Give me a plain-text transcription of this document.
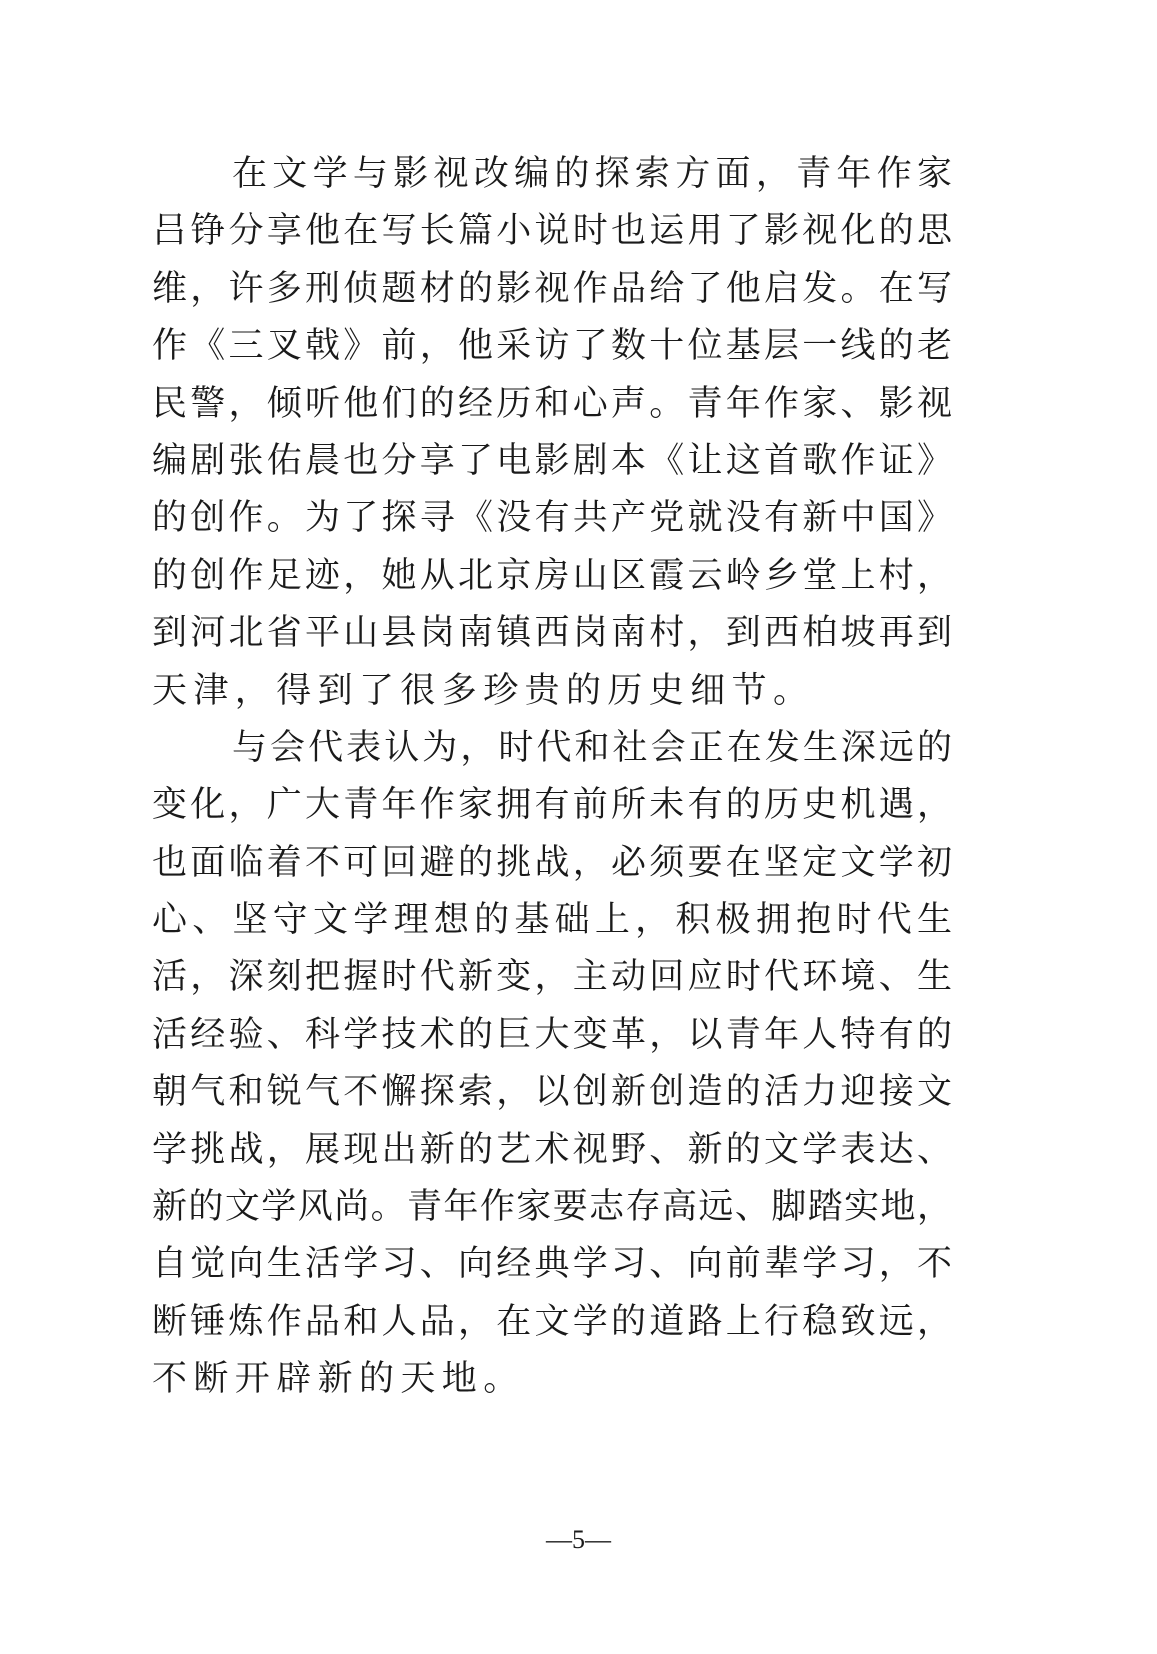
在文学与影视改编的探索方面，青年作家
吕铮分享他在写长篇小说时也运用了影视化的思
维，许多刑侦题材的影视作品给了他启发。在写
作《三叉戟》前，他采访了数十位基层一线的老
民警，倾听他们的经历和心声。青年作家、影视
编剧张佑晨也分享了电影剧本《让这首歌作证》
的创作。为了探寻《没有共产党就没有新中国》
的创作足迹，她从北京房山区霞云岭乡堂上村，
到河北省平山县岗南镇西岗南村，到西柏坡再到
天津，得到了很多珍贵的历史细节。
与会代表认为，时代和社会正在发生深远的
变化，广大青年作家拥有前所未有的历史机遇，
也面临着不可回避的挑战，必须要在坚定文学初
心、坚守文学理想的基础上，积极拥抱时代生
活，深刻把握时代新变，主动回应时代环境、生
活经验、科学技术的巨大变革，以青年人特有的
朝气和锐气不懈探索，以创新创造的活力迎接文
学挑战，展现出新的艺术视野、新的文学表达、
新的文学风尚。青年作家要志存高远、脚踏实地，
自觉向生活学习、向经典学习、向前辈学习，不
断锤炼作品和人品，在文学的道路上行稳致远，
不断开辟新的天地。
—5—
